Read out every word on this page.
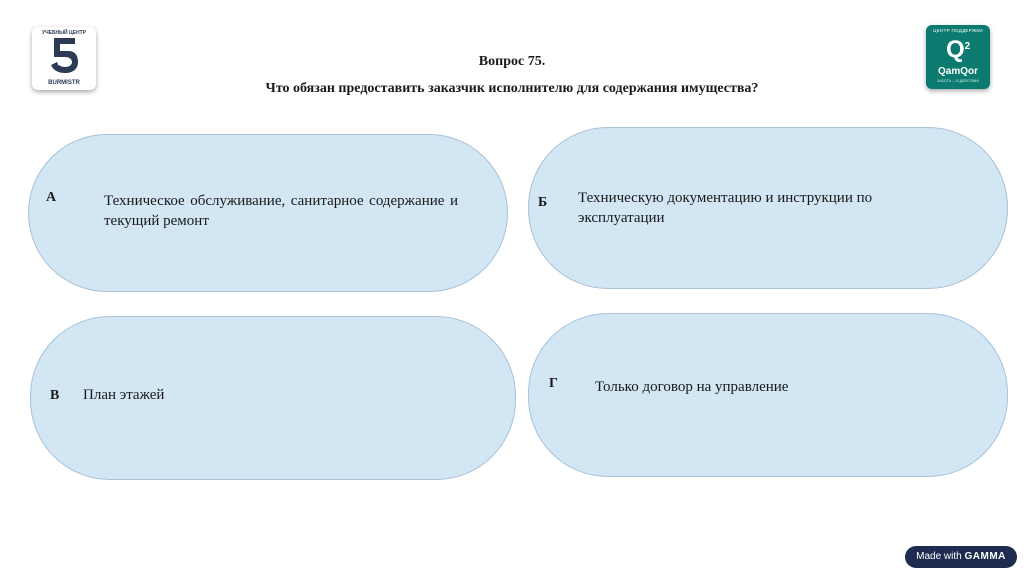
УЧЕБНЫЙ ЦЕНТР
BURMISTR
ЦЕНТР ПОДДЕРЖКИ
$Q^2$
QamQor
ЗАБОТА — В ДЕЙСТВИИ
Вопрос 75.
Что обязан предоставить заказчик исполнителю для содержания имущества?
А	Техническое обслуживание, санитарное содержание и текущий ремонт
Б Техническую документацию и инструкции по эксплуатации
В План этажей
Г Только договор на управление
Made with GAMMA
